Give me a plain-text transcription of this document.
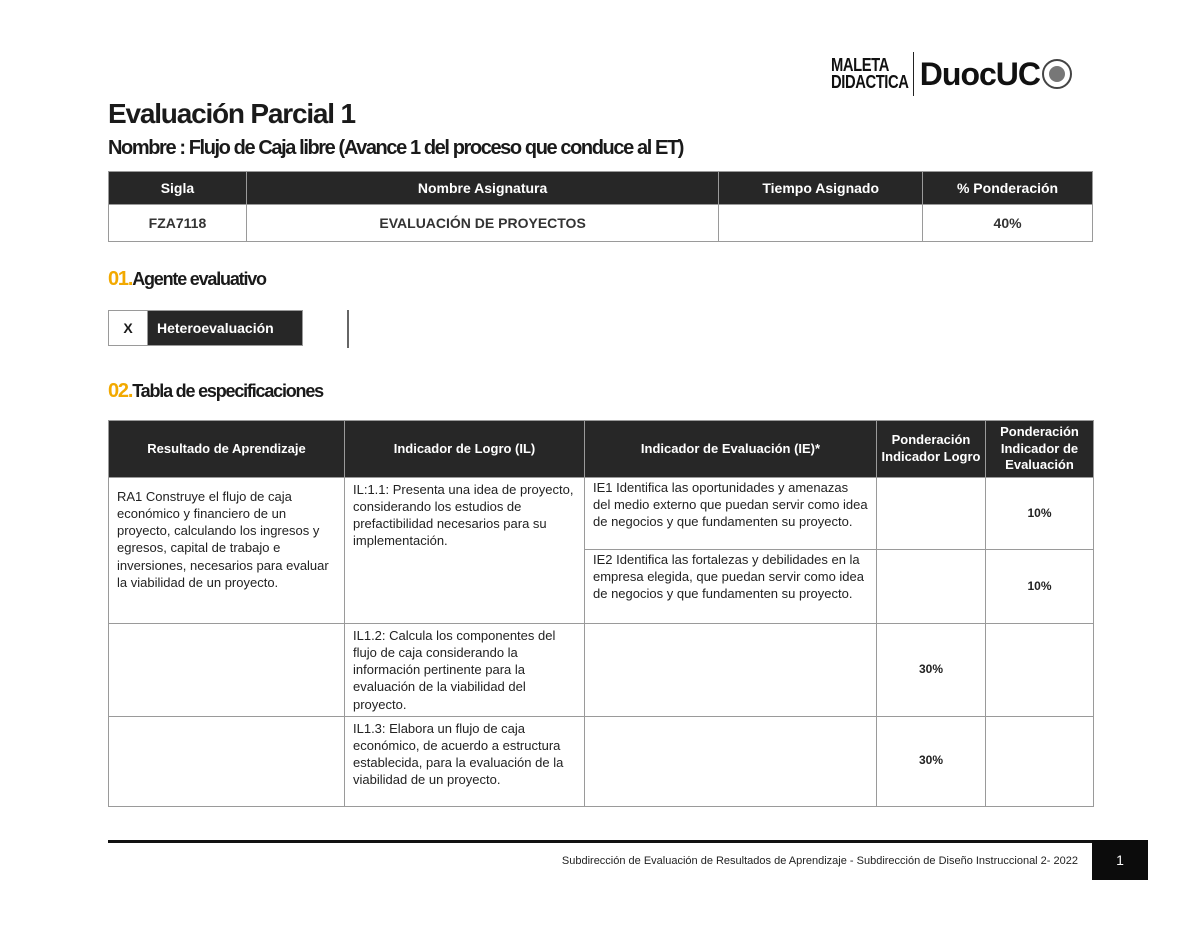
MALETA
DIDACTICA DuocUC
Evaluación Parcial 1
Nombre : Flujo de Caja libre (Avance 1 del proceso que conduce al ET)
Sigla	Nombre Asignatura	Tiempo Asignado	% Ponderación
FZA7118	EVALUACIÓN DE PROYECTOS		40%
01.Agente evaluativo
X	Heteroevaluación
02.Tabla de especificaciones
Resultado de Aprendizaje	Indicador de Logro (IL)	Indicador de Evaluación (IE)*	Ponderación Indicador Logro	Ponderación Indicador de Evaluación
RA1 Construye el flujo de caja económico y financiero de un proyecto, calculando los ingresos y egresos, capital de trabajo e inversiones, necesarios para evaluar la viabilidad de un proyecto.	IL:1.1: Presenta una idea de proyecto, considerando los estudios de prefactibilidad necesarios para su implementación.	IE1 Identifica las oportunidades y amenazas del medio externo que puedan servir como idea de negocios y que fundamenten su proyecto.		10%
		IE2 Identifica las fortalezas y debilidades en la empresa elegida, que puedan servir como idea de negocios y que fundamenten su proyecto.		10%
	IL1.2: Calcula los componentes del flujo de caja considerando la información pertinente para la evaluación de la viabilidad del proyecto.		30%	
	IL1.3: Elabora un flujo de caja económico, de acuerdo a estructura establecida, para la evaluación de la viabilidad de un proyecto.		30%	
Subdirección de Evaluación de Resultados de Aprendizaje - Subdirección de Diseño Instruccional 2- 2022	1
